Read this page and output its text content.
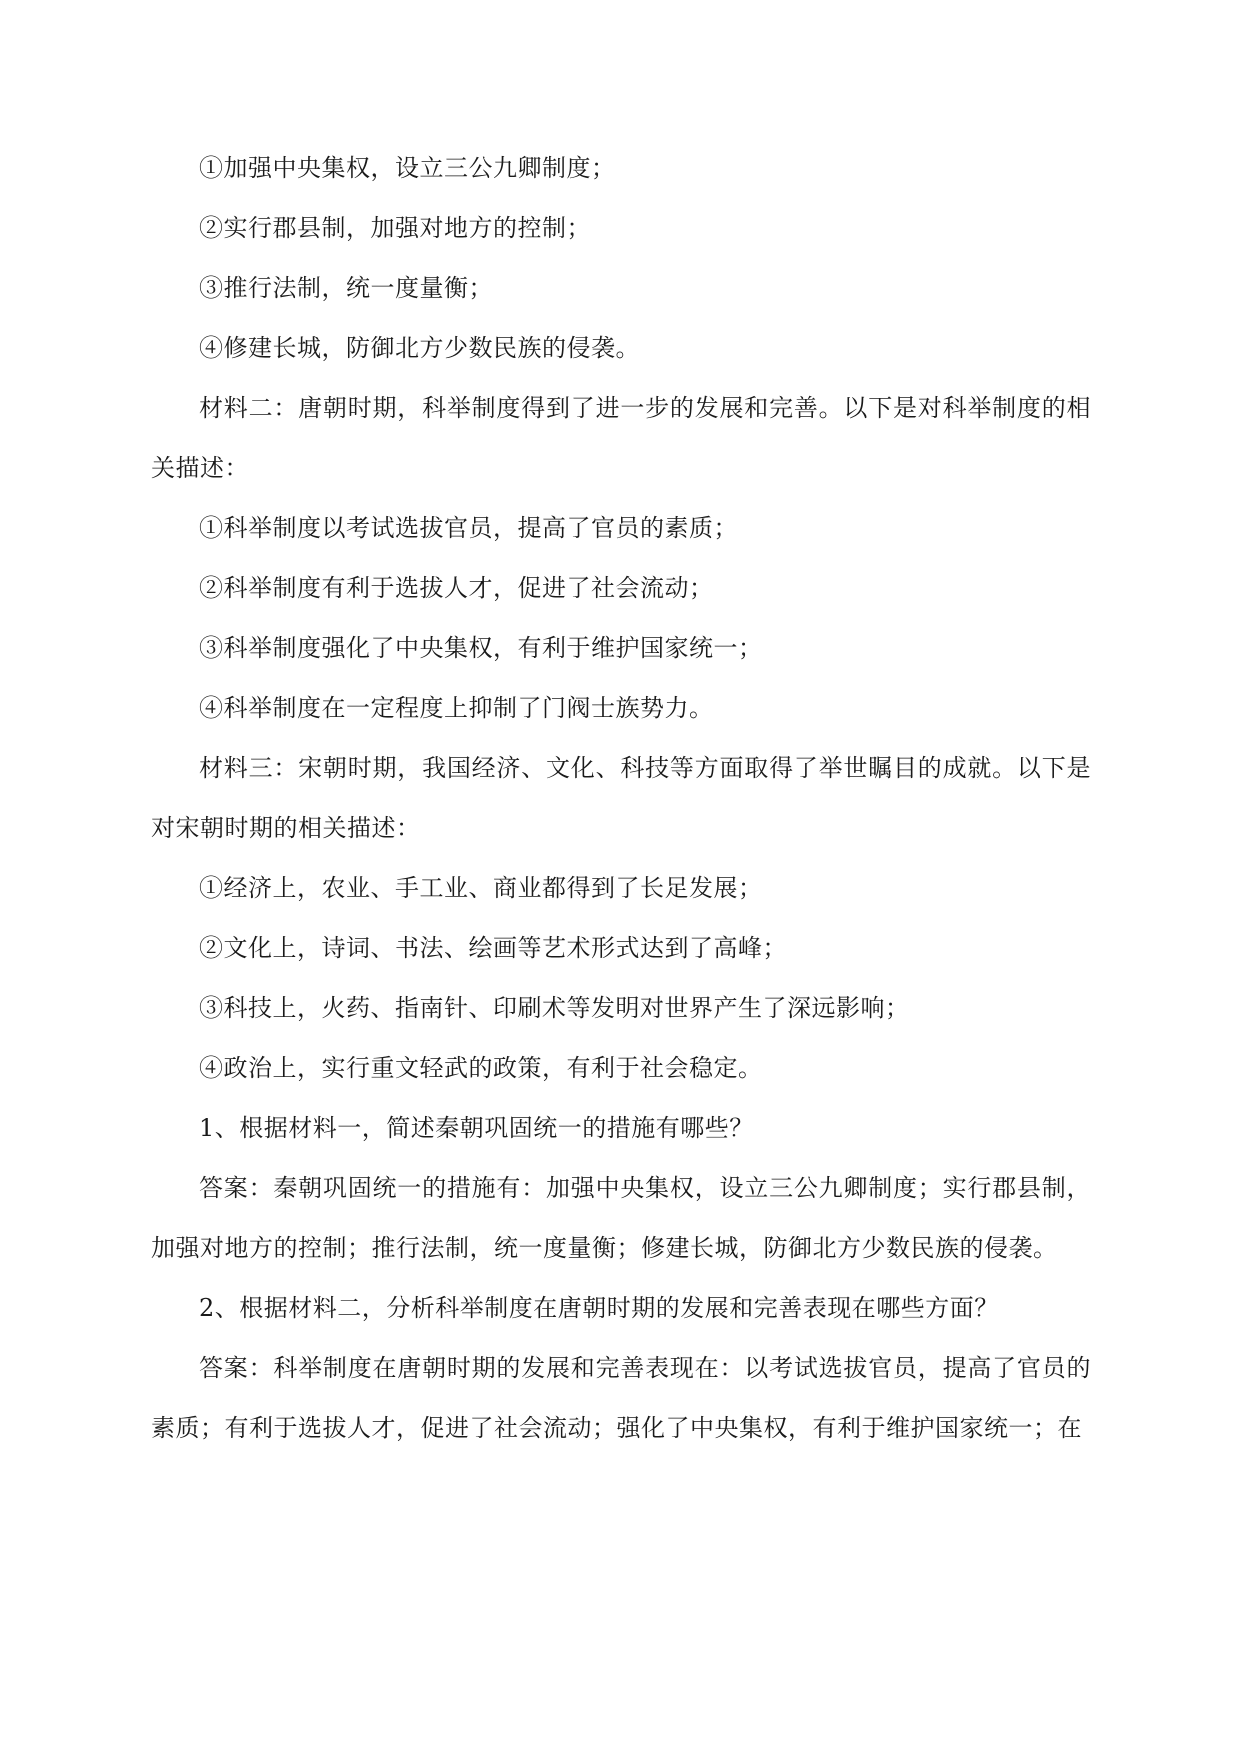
①加强中央集权，设立三公九卿制度；

②实行郡县制，加强对地方的控制；

③推行法制，统一度量衡；

④修建长城，防御北方少数民族的侵袭。

材料二：唐朝时期，科举制度得到了进一步的发展和完善。以下是对科举制度的相关描述：

①科举制度以考试选拔官员，提高了官员的素质；

②科举制度有利于选拔人才，促进了社会流动；

③科举制度强化了中央集权，有利于维护国家统一；

④科举制度在一定程度上抑制了门阀士族势力。

材料三：宋朝时期，我国经济、文化、科技等方面取得了举世瞩目的成就。以下是对宋朝时期的相关描述：

①经济上，农业、手工业、商业都得到了长足发展；

②文化上，诗词、书法、绘画等艺术形式达到了高峰；

③科技上，火药、指南针、印刷术等发明对世界产生了深远影响；

④政治上，实行重文轻武的政策，有利于社会稳定。

1、根据材料一，简述秦朝巩固统一的措施有哪些？

答案：秦朝巩固统一的措施有：加强中央集权，设立三公九卿制度；实行郡县制，加强对地方的控制；推行法制，统一度量衡；修建长城，防御北方少数民族的侵袭。

2、根据材料二，分析科举制度在唐朝时期的发展和完善表现在哪些方面？

答案：科举制度在唐朝时期的发展和完善表现在：以考试选拔官员，提高了官员的素质；有利于选拔人才，促进了社会流动；强化了中央集权，有利于维护国家统一；在
